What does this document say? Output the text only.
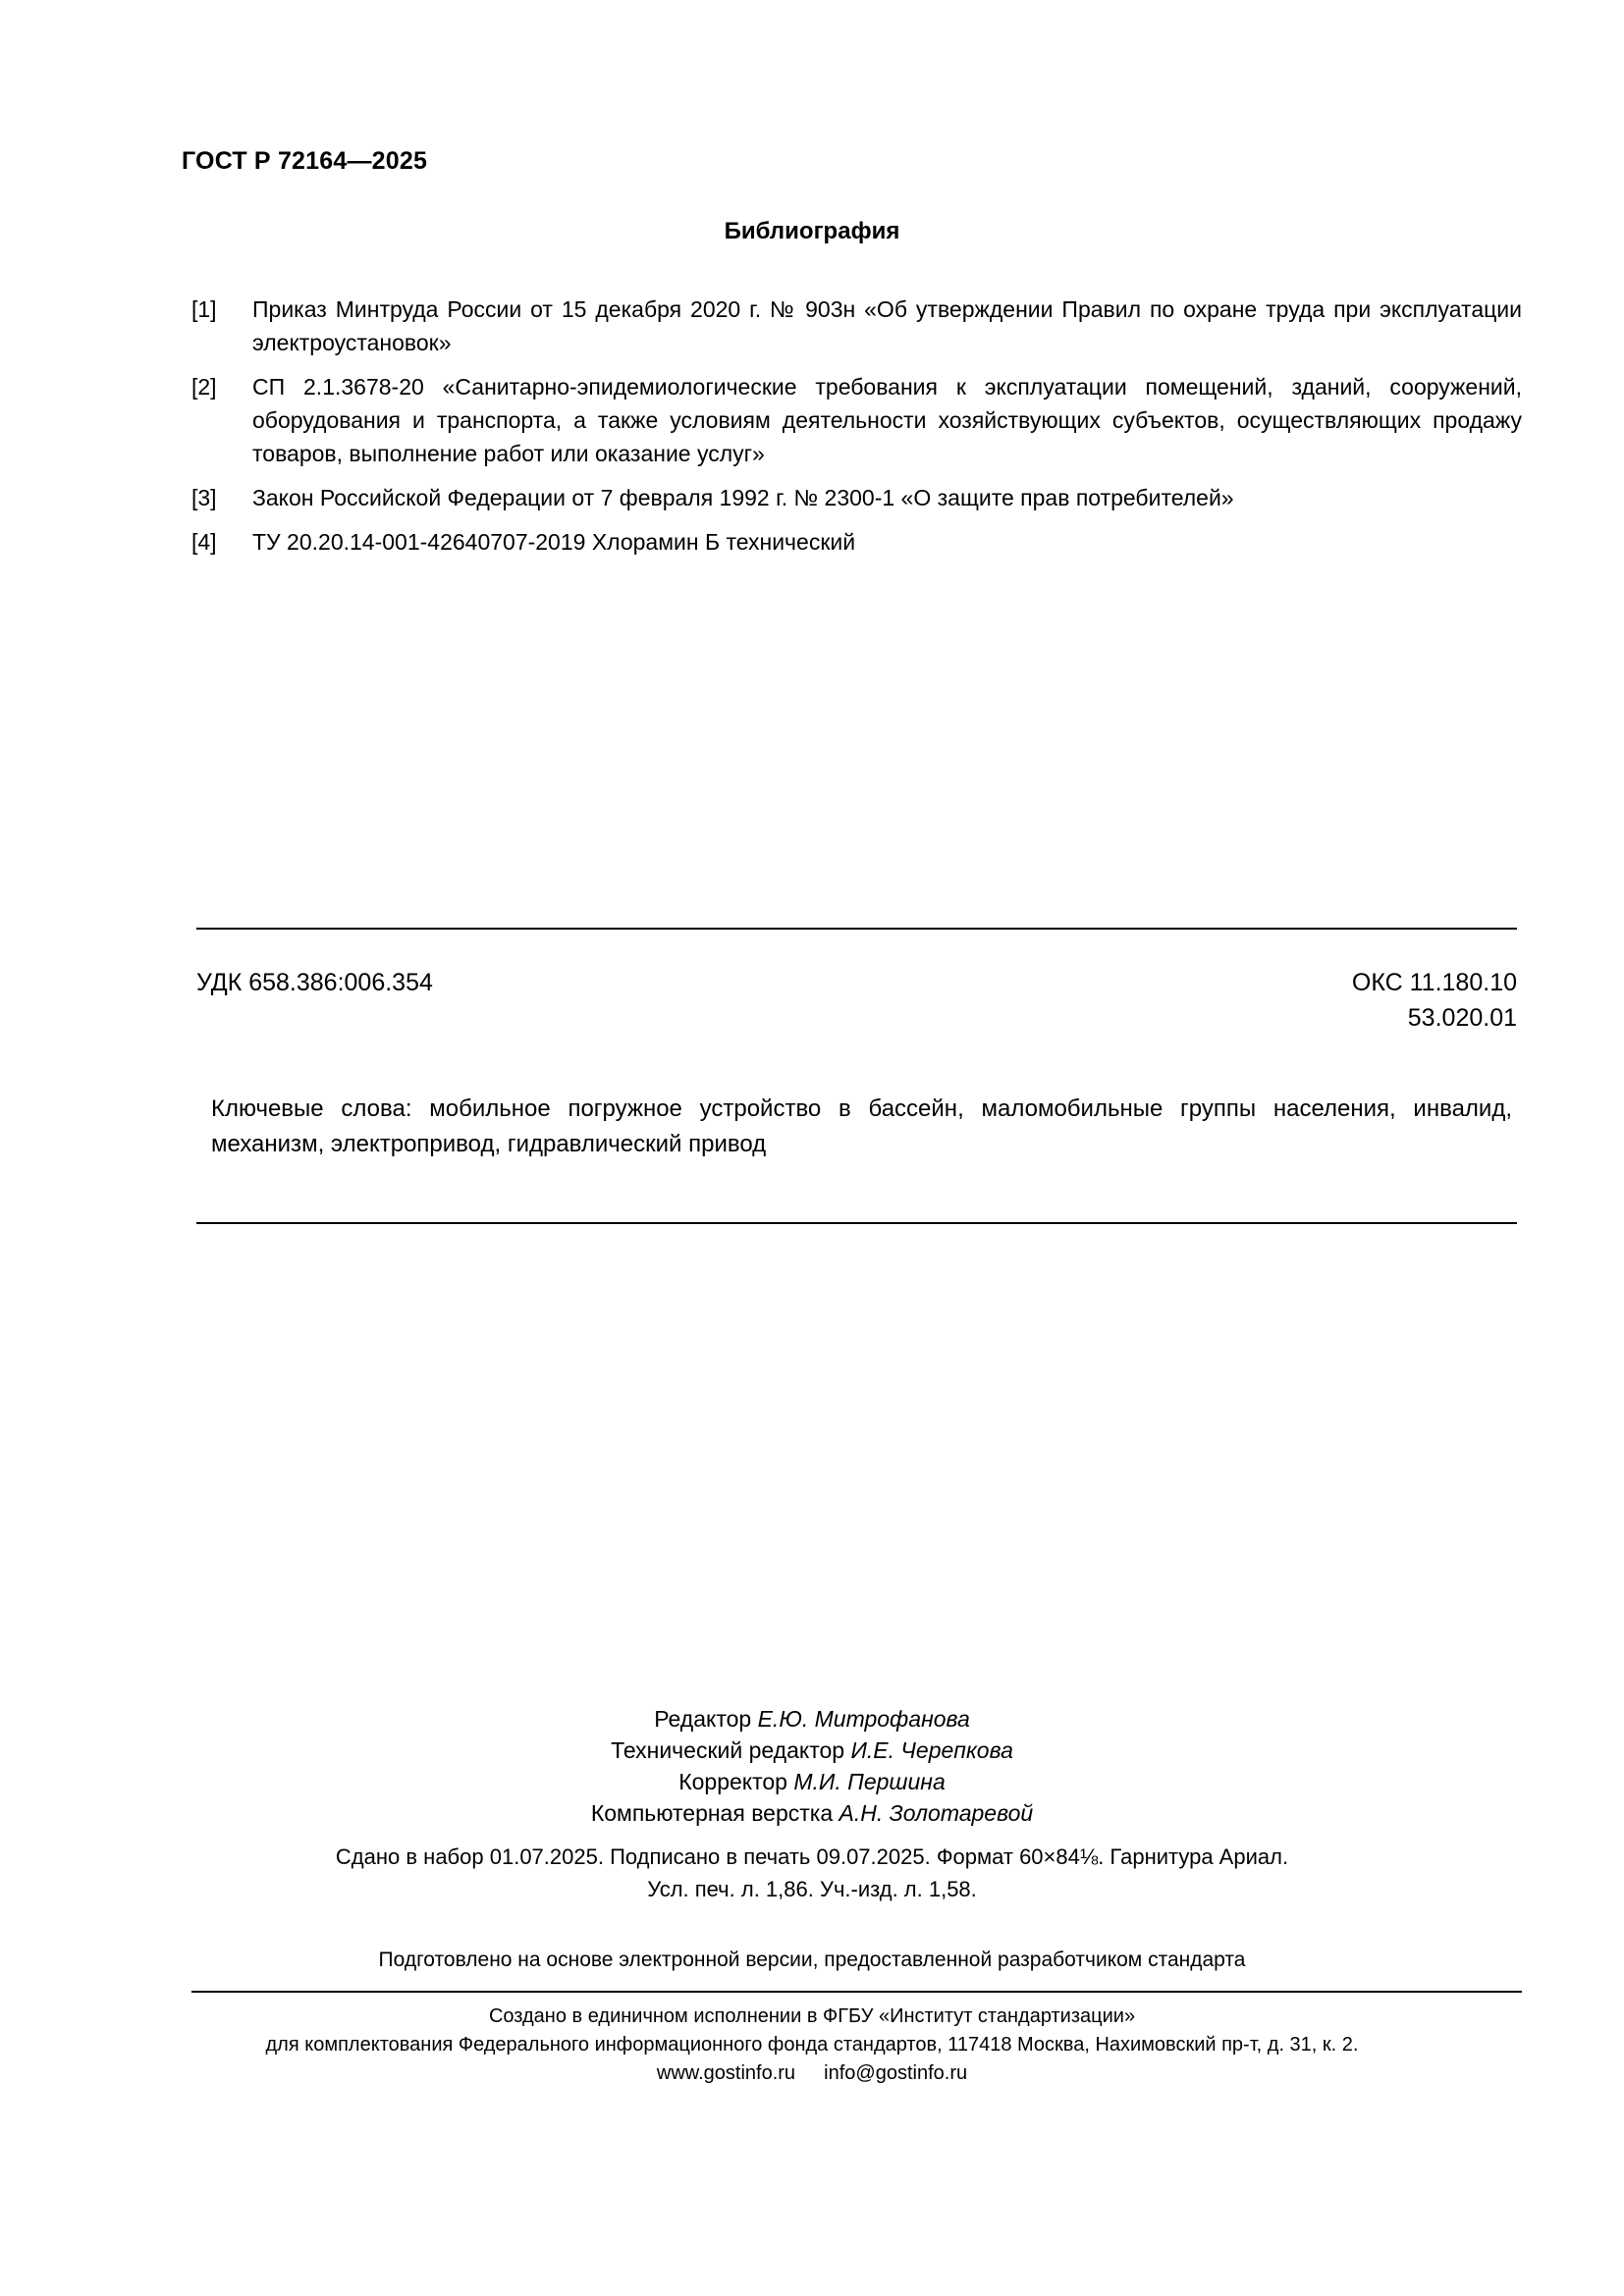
ГОСТ Р 72164—2025
Библиография
[1]	Приказ Минтруда России от 15 декабря 2020 г. № 903н «Об утверждении Правил по охране труда при эксплуатации электроустановок»
[2]	СП 2.1.3678-20 «Санитарно-эпидемиологические требования к эксплуатации помещений, зданий, сооружений, оборудования и транспорта, а также условиям деятельности хозяйствующих субъектов, осуществляющих продажу товаров, выполнение работ или оказание услуг»
[3]	Закон Российской Федерации от 7 февраля 1992 г. № 2300-1 «О защите прав потребителей»
[4]	ТУ 20.20.14-001-42640707-2019 Хлорамин Б технический
УДК 658.386:006.354	ОКС 11.180.10
53.020.01
Ключевые слова: мобильное погружное устройство в бассейн, маломобильные группы населения, инвалид, механизм, электропривод, гидравлический привод
Редактор Е.Ю. Митрофанова
Технический редактор И.Е. Черепкова
Корректор М.И. Першина
Компьютерная верстка А.Н. Золотаревой
Сдано в набор 01.07.2025. Подписано в печать 09.07.2025. Формат 60×84⅛. Гарнитура Ариал.
Усл. печ. л. 1,86. Уч.-изд. л. 1,58.
Подготовлено на основе электронной версии, предоставленной разработчиком стандарта
Создано в единичном исполнении в ФГБУ «Институт стандартизации»
для комплектования Федерального информационного фонда стандартов, 117418 Москва, Нахимовский пр-т, д. 31, к. 2.
www.gostinfo.ru info@gostinfo.ru
